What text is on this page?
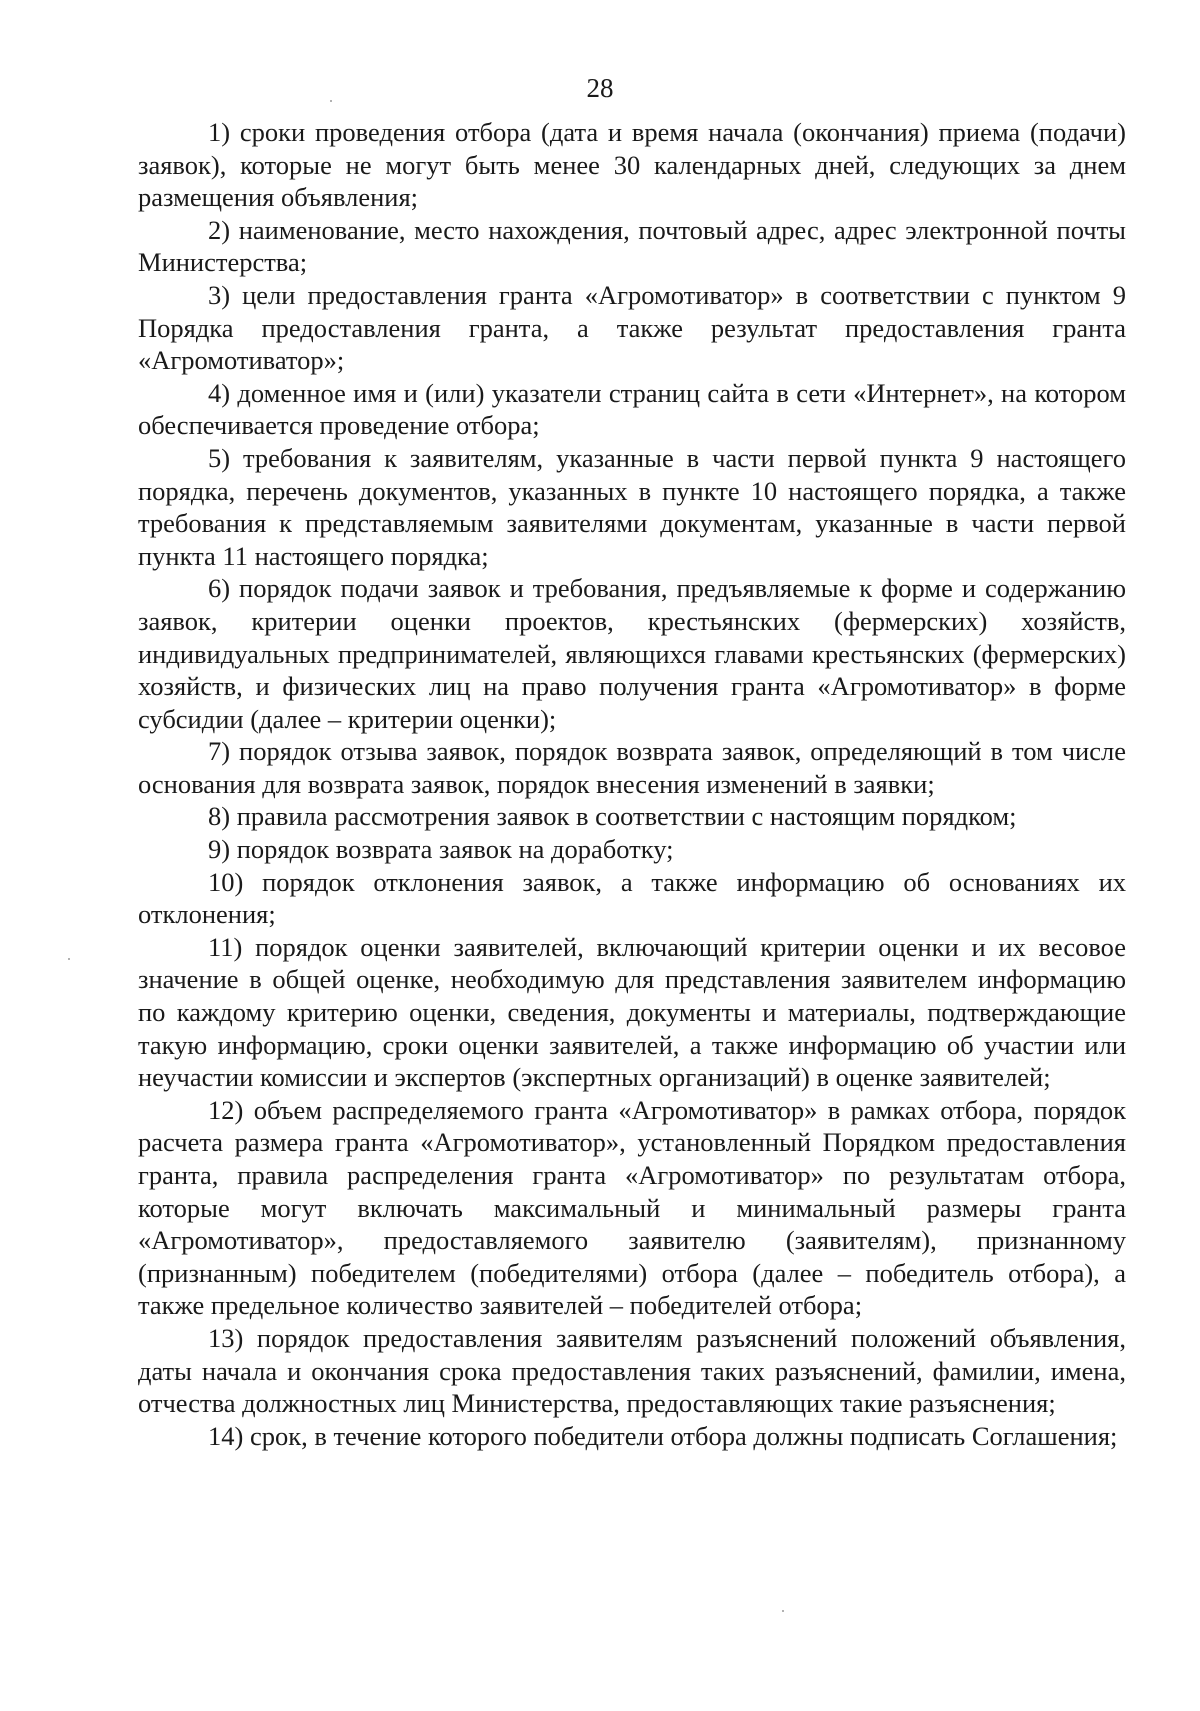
28

1) сроки проведения отбора (дата и время начала (окончания) приема (подачи) заявок), которые не могут быть менее 30 календарных дней, следующих за днем размещения объявления;

2) наименование, место нахождения, почтовый адрес, адрес электронной почты Министерства;

3) цели предоставления гранта «Агромотиватор» в соответствии с пунктом 9 Порядка предоставления гранта, а также результат предоставления гранта «Агромотиватор»;

4) доменное имя и (или) указатели страниц сайта в сети «Интернет», на котором обеспечивается проведение отбора;

5) требования к заявителям, указанные в части первой пункта 9 настоящего порядка, перечень документов, указанных в пункте 10 настоящего порядка, а также требования к представляемым заявителями документам, указанные в части первой пункта 11 настоящего порядка;

6) порядок подачи заявок и требования, предъявляемые к форме и содержанию заявок, критерии оценки проектов, крестьянских (фермерских) хозяйств, индивидуальных предпринимателей, являющихся главами крестьянских (фермерских) хозяйств, и физических лиц на право получения гранта «Агромотиватор» в форме субсидии (далее – критерии оценки);

7) порядок отзыва заявок, порядок возврата заявок, определяющий в том числе основания для возврата заявок, порядок внесения изменений в заявки;

8) правила рассмотрения заявок в соответствии с настоящим порядком;

9) порядок возврата заявок на доработку;

10) порядок отклонения заявок, а также информацию об основаниях их отклонения;

11) порядок оценки заявителей, включающий критерии оценки и их весовое значение в общей оценке, необходимую для представления заявителем информацию по каждому критерию оценки, сведения, документы и материалы, подтверждающие такую информацию, сроки оценки заявителей, а также информацию об участии или неучастии комиссии и экспертов (экспертных организаций) в оценке заявителей;

12) объем распределяемого гранта «Агромотиватор» в рамках отбора, порядок расчета размера гранта «Агромотиватор», установленный Порядком предоставления гранта, правила распределения гранта «Агромотиватор» по результатам отбора, которые могут включать максимальный и минимальный размеры гранта «Агромотиватор», предоставляемого заявителю (заявителям), признанному (признанным) победителем (победителями) отбора (далее – победитель отбора), а также предельное количество заявителей – победителей отбора;

13) порядок предоставления заявителям разъяснений положений объявления, даты начала и окончания срока предоставления таких разъяснений, фамилии, имена, отчества должностных лиц Министерства, предоставляющих такие разъяснения;

14) срок, в течение которого победители отбора должны подписать Соглашения;
